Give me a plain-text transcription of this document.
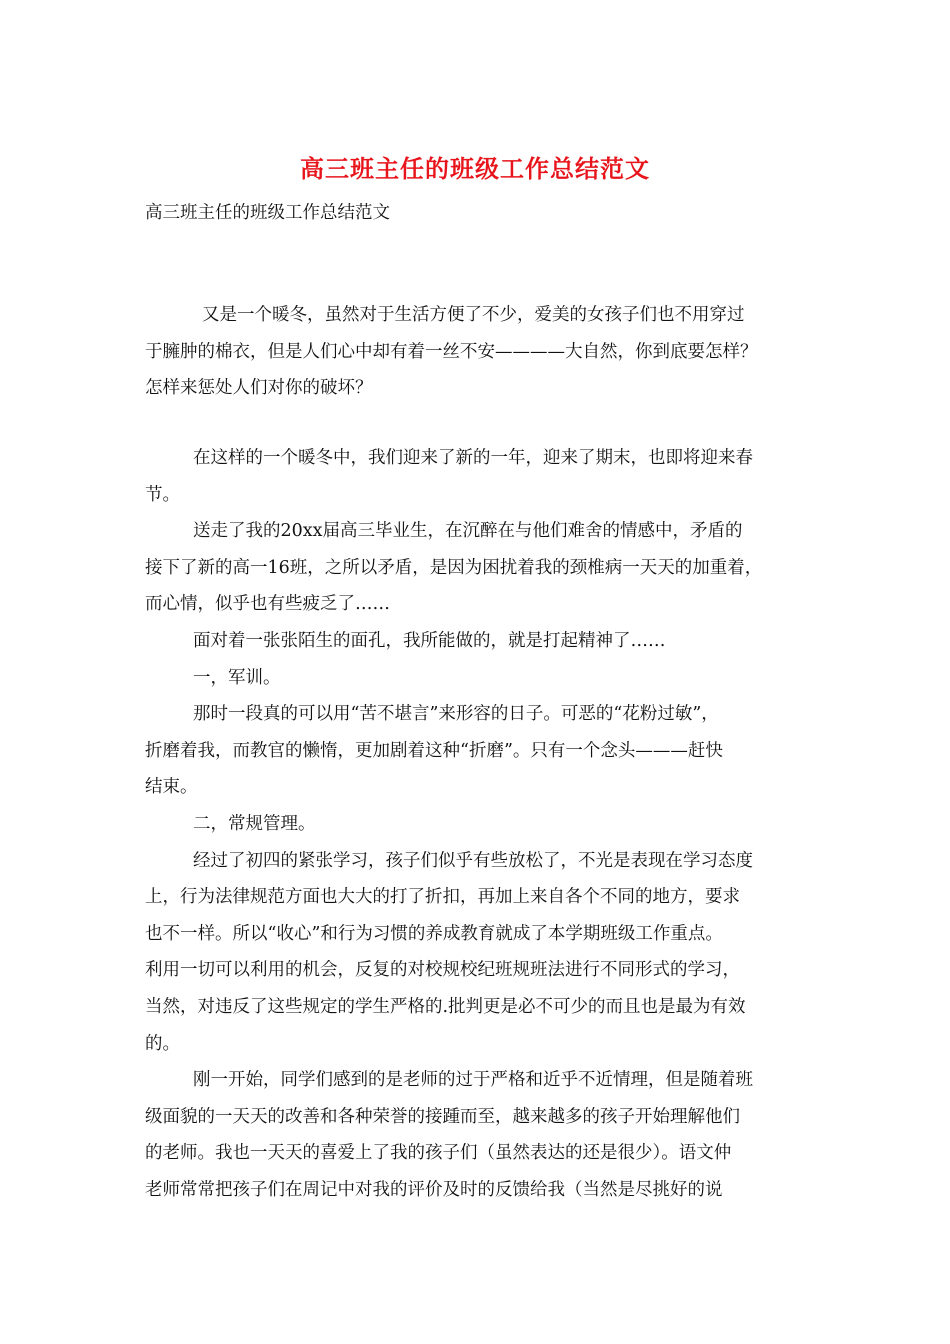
高三班主任的班级工作总结范文
高三班主任的班级工作总结范文
又是一个暖冬，虽然对于生活方便了不少，爱美的女孩子们也不用穿过
于臃肿的棉衣，但是人们心中却有着一丝不安————大自然，你到底要怎样？
怎样来惩处人们对你的破坏？
在这样的一个暖冬中，我们迎来了新的一年，迎来了期末，也即将迎来春
节。
送走了我的20xx届高三毕业生，在沉醉在与他们难舍的情感中，矛盾的
接下了新的高一16班，之所以矛盾，是因为困扰着我的颈椎病一天天的加重着，
而心情，似乎也有些疲乏了……
面对着一张张陌生的面孔，我所能做的，就是打起精神了……
一，军训。
那时一段真的可以用“苦不堪言”来形容的日子。可恶的“花粉过敏”，
折磨着我，而教官的懒惰，更加剧着这种“折磨”。只有一个念头———赶快
结束。
二，常规管理。
经过了初四的紧张学习，孩子们似乎有些放松了，不光是表现在学习态度
上，行为法律规范方面也大大的打了折扣，再加上来自各个不同的地方，要求
也不一样。所以“收心”和行为习惯的养成教育就成了本学期班级工作重点。
利用一切可以利用的机会，反复的对校规校纪班规班法进行不同形式的学习，
当然，对违反了这些规定的学生严格的.批判更是必不可少的而且也是最为有效
的。
刚一开始，同学们感到的是老师的过于严格和近乎不近情理，但是随着班
级面貌的一天天的改善和各种荣誉的接踵而至，越来越多的孩子开始理解他们
的老师。我也一天天的喜爱上了我的孩子们（虽然表达的还是很少）。语文仲
老师常常把孩子们在周记中对我的评价及时的反馈给我（当然是尽挑好的说
